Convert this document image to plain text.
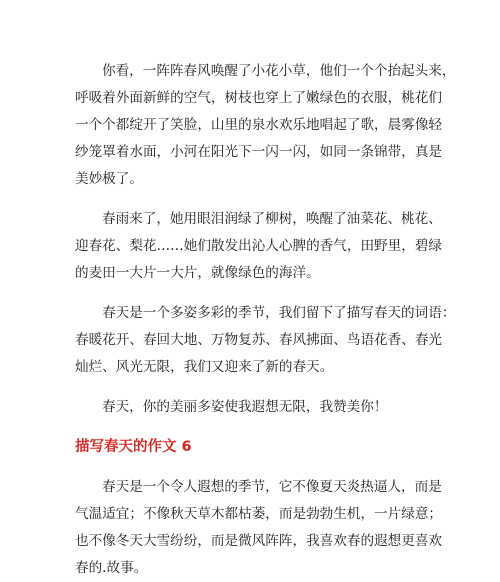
你看，一阵阵春风唤醒了小花小草，他们一个个抬起头来，
呼吸着外面新鲜的空气，树枝也穿上了嫩绿色的衣服，桃花们
一个个都绽开了笑脸，山里的泉水欢乐地唱起了歌，晨雾像轻
纱笼罩着水面，小河在阳光下一闪一闪，如同一条锦带，真是
美妙极了。

春雨来了，她用眼泪润绿了柳树，唤醒了油菜花、桃花、
迎春花、梨花……她们散发出沁人心脾的香气，田野里，碧绿
的麦田一大片一大片，就像绿色的海洋。

春天是一个多姿多彩的季节，我们留下了描写春天的词语：
春暖花开、春回大地、万物复苏、春风拂面、鸟语花香、春光
灿烂、风光无限，我们又迎来了新的春天。

春天，你的美丽多姿使我遐想无限，我赞美你！

描写春天的作文 6

春天是一个令人遐想的季节，它不像夏天炎热逼人，而是
气温适宜；不像秋天草木都枯萎，而是勃勃生机，一片绿意；
也不像冬天大雪纷纷，而是微风阵阵，我喜欢春的遐想更喜欢
春的.故事。
